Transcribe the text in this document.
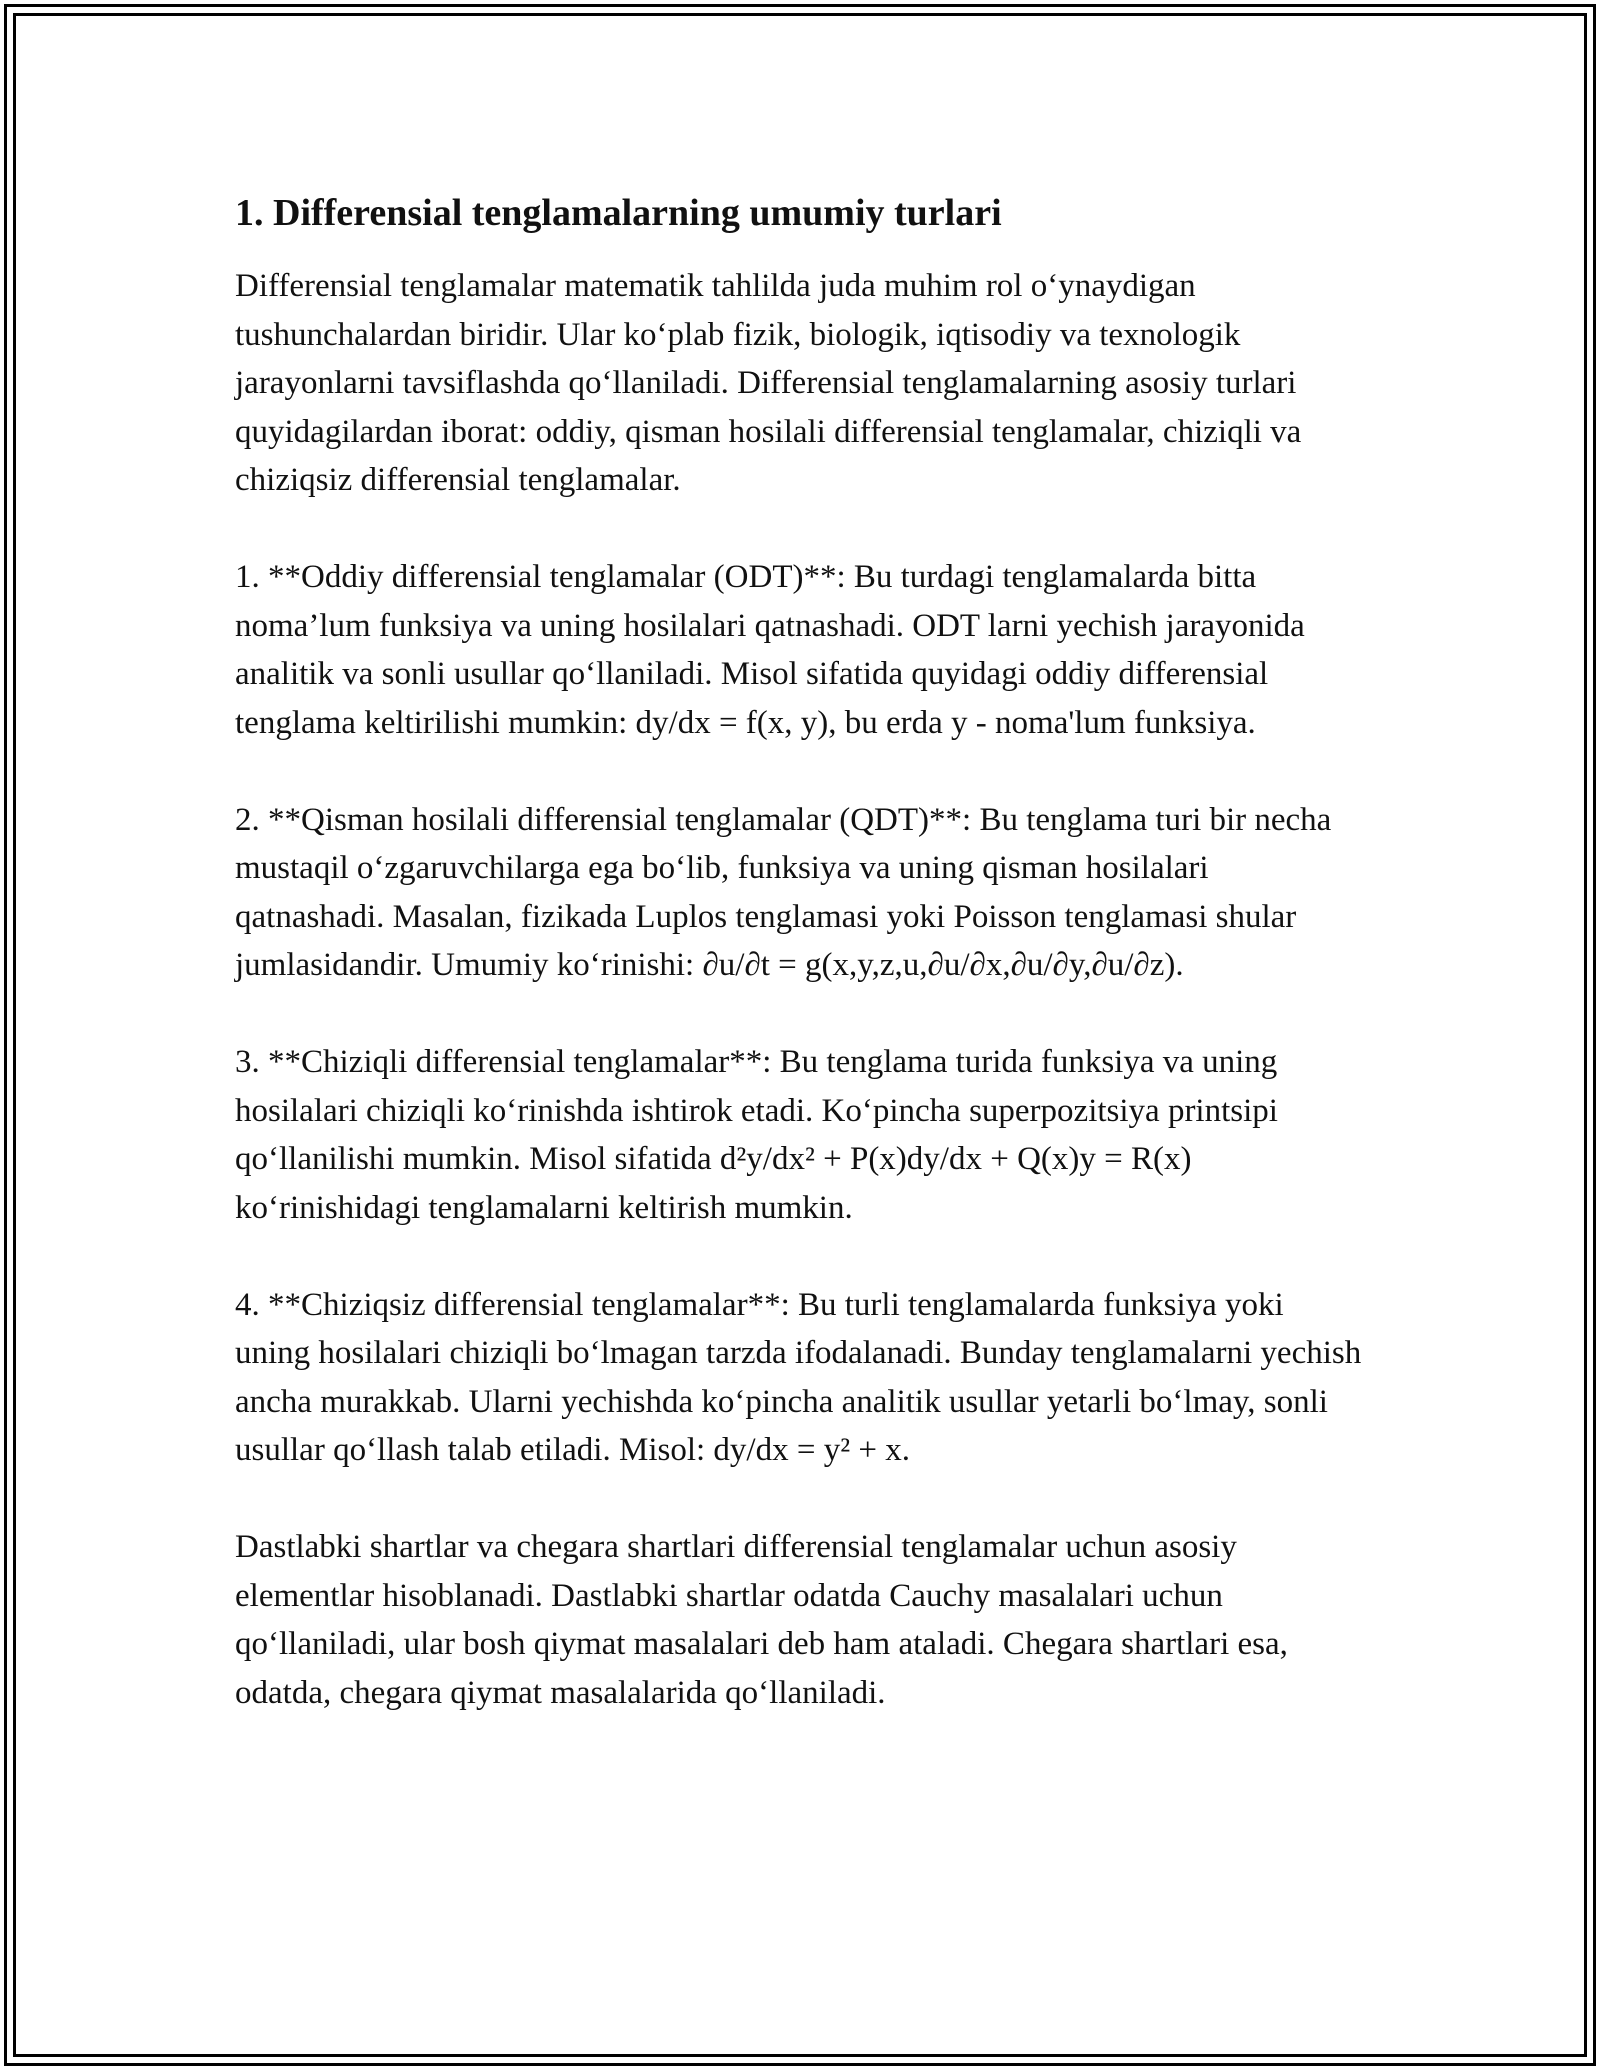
1. Differensial tenglamalarning umumiy turlari

Differensial tenglamalar matematik tahlilda juda muhim rol o‘ynaydigan tushunchalardan biridir. Ular ko‘plab fizik, biologik, iqtisodiy va texnologik jarayonlarni tavsiflashda qo‘llaniladi. Differensial tenglamalarning asosiy turlari quyidagilardan iborat: oddiy, qisman hosilali differensial tenglamalar, chiziqli va chiziqsiz differensial tenglamalar.

1. **Oddiy differensial tenglamalar (ODT)**: Bu turdagi tenglamalarda bitta noma’lum funksiya va uning hosilalari qatnashadi. ODT larni yechish jarayonida analitik va sonli usullar qo‘llaniladi. Misol sifatida quyidagi oddiy differensial tenglama keltirilishi mumkin: dy/dx = f(x, y), bu erda y - noma'lum funksiya.

2. **Qisman hosilali differensial tenglamalar (QDT)**: Bu tenglama turi bir necha mustaqil o‘zgaruvchilarga ega bo‘lib, funksiya va uning qisman hosilalari qatnashadi. Masalan, fizikada Luplos tenglamasi yoki Poisson tenglamasi shular jumlasidandir. Umumiy ko‘rinishi: ∂u/∂t = g(x,y,z,u,∂u/∂x,∂u/∂y,∂u/∂z).

3. **Chiziqli differensial tenglamalar**: Bu tenglama turida funksiya va uning hosilalari chiziqli ko‘rinishda ishtirok etadi. Ko‘pincha superpozitsiya printsipi qo‘llanilishi mumkin. Misol sifatida d²y/dx² + P(x)dy/dx + Q(x)y = R(x) ko‘rinishidagi tenglamalarni keltirish mumkin.

4. **Chiziqsiz differensial tenglamalar**: Bu turli tenglamalarda funksiya yoki uning hosilalari chiziqli bo‘lmagan tarzda ifodalanadi. Bunday tenglamalarni yechish ancha murakkab. Ularni yechishda ko‘pincha analitik usullar yetarli bo‘lmay, sonli usullar qo‘llash talab etiladi. Misol: dy/dx = y² + x.

Dastlabki shartlar va chegara shartlari differensial tenglamalar uchun asosiy elementlar hisoblanadi. Dastlabki shartlar odatda Cauchy masalalari uchun qo‘llaniladi, ular bosh qiymat masalalari deb ham ataladi. Chegara shartlari esa, odatda, chegara qiymat masalalarida qo‘llaniladi.
